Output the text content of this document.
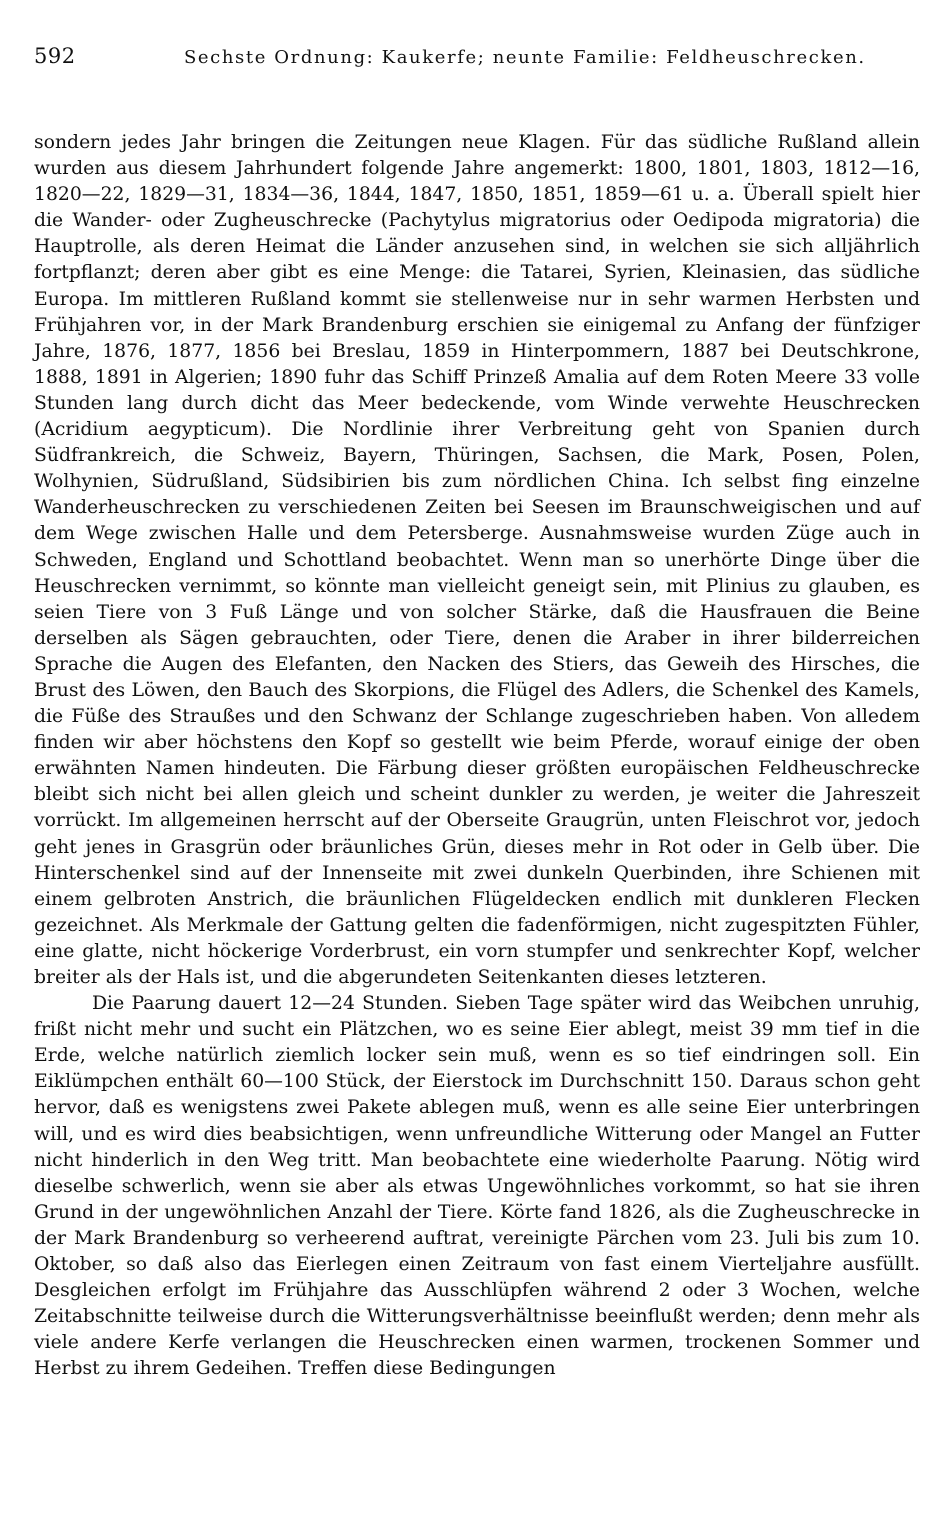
592	Sechste Ordnung: Kaukerfe; neunte Familie: Feldheuschrecken.

sondern jedes Jahr bringen die Zeitungen neue Klagen. Für das südliche Rußland allein wurden aus diesem Jahrhundert folgende Jahre angemerkt: 1800, 1801, 1803, 1812—16, 1820—22, 1829—31, 1834—36, 1844, 1847, 1850, 1851, 1859—61 u. a. Überall spielt hier die Wander- oder Zugheuschrecke (Pachytylus migratorius oder Oedipoda migratoria) die Hauptrolle, als deren Heimat die Länder anzusehen sind, in welchen sie sich alljährlich fortpflanzt; deren aber gibt es eine Menge: die Tatarei, Syrien, Kleinasien, das südliche Europa. Im mittleren Rußland kommt sie stellenweise nur in sehr warmen Herbsten und Frühjahren vor, in der Mark Brandenburg erschien sie einigemal zu Anfang der fünfziger Jahre, 1876, 1877, 1856 bei Breslau, 1859 in Hinterpommern, 1887 bei Deutschkrone, 1888, 1891 in Algerien; 1890 fuhr das Schiff Prinzeß Amalia auf dem Roten Meere 33 volle Stunden lang durch dicht das Meer bedeckende, vom Winde verwehte Heuschrecken (Acridium aegypticum). Die Nordlinie ihrer Verbreitung geht von Spanien durch Südfrankreich, die Schweiz, Bayern, Thüringen, Sachsen, die Mark, Posen, Polen, Wolhynien, Südrußland, Südsibirien bis zum nördlichen China. Ich selbst fing einzelne Wanderheuschrecken zu verschiedenen Zeiten bei Seesen im Braunschweigischen und auf dem Wege zwischen Halle und dem Petersberge. Ausnahmsweise wurden Züge auch in Schweden, England und Schottland beobachtet. Wenn man so unerhörte Dinge über die Heuschrecken vernimmt, so könnte man vielleicht geneigt sein, mit Plinius zu glauben, es seien Tiere von 3 Fuß Länge und von solcher Stärke, daß die Hausfrauen die Beine derselben als Sägen gebrauchten, oder Tiere, denen die Araber in ihrer bilderreichen Sprache die Augen des Elefanten, den Nacken des Stiers, das Geweih des Hirsches, die Brust des Löwen, den Bauch des Skorpions, die Flügel des Adlers, die Schenkel des Kamels, die Füße des Straußes und den Schwanz der Schlange zugeschrieben haben. Von alledem finden wir aber höchstens den Kopf so gestellt wie beim Pferde, worauf einige der oben erwähnten Namen hindeuten. Die Färbung dieser größten europäischen Feldheuschrecke bleibt sich nicht bei allen gleich und scheint dunkler zu werden, je weiter die Jahreszeit vorrückt. Im allgemeinen herrscht auf der Oberseite Graugrün, unten Fleischrot vor, jedoch geht jenes in Grasgrün oder bräunliches Grün, dieses mehr in Rot oder in Gelb über. Die Hinterschenkel sind auf der Innenseite mit zwei dunkeln Querbinden, ihre Schienen mit einem gelbroten Anstrich, die bräunlichen Flügeldecken endlich mit dunkleren Flecken gezeichnet. Als Merkmale der Gattung gelten die fadenförmigen, nicht zugespitzten Fühler, eine glatte, nicht höckerige Vorderbrust, ein vorn stumpfer und senkrechter Kopf, welcher breiter als der Hals ist, und die abgerundeten Seitenkanten dieses letzteren.

Die Paarung dauert 12—24 Stunden. Sieben Tage später wird das Weibchen unruhig, frißt nicht mehr und sucht ein Plätzchen, wo es seine Eier ablegt, meist 39 mm tief in die Erde, welche natürlich ziemlich locker sein muß, wenn es so tief eindringen soll. Ein Eiklümpchen enthält 60—100 Stück, der Eierstock im Durchschnitt 150. Daraus schon geht hervor, daß es wenigstens zwei Pakete ablegen muß, wenn es alle seine Eier unterbringen will, und es wird dies beabsichtigen, wenn unfreundliche Witterung oder Mangel an Futter nicht hinderlich in den Weg tritt. Man beobachtete eine wiederholte Paarung. Nötig wird dieselbe schwerlich, wenn sie aber als etwas Ungewöhnliches vorkommt, so hat sie ihren Grund in der ungewöhnlichen Anzahl der Tiere. Körte fand 1826, als die Zugheuschrecke in der Mark Brandenburg so verheerend auftrat, vereinigte Pärchen vom 23. Juli bis zum 10. Oktober, so daß also das Eierlegen einen Zeitraum von fast einem Vierteljahre ausfüllt. Desgleichen erfolgt im Frühjahre das Ausschlüpfen während 2 oder 3 Wochen, welche Zeitabschnitte teilweise durch die Witterungsverhältnisse beeinflußt werden; denn mehr als viele andere Kerfe verlangen die Heuschrecken einen warmen, trockenen Sommer und Herbst zu ihrem Gedeihen. Treffen diese Bedingungen
